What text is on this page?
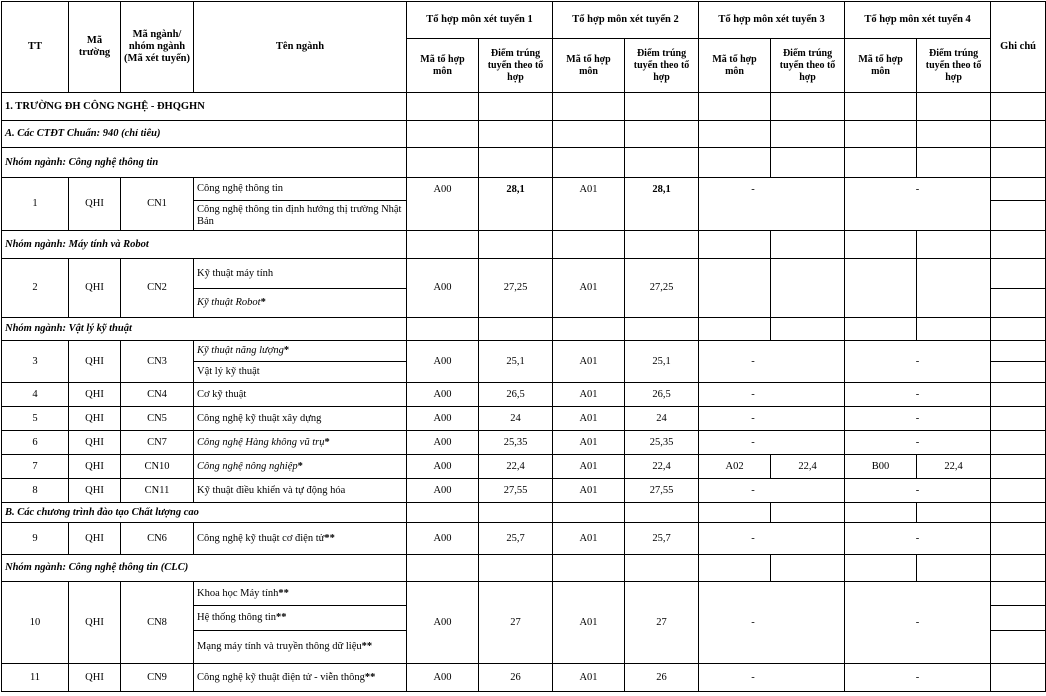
TT	Mã trường	Mã ngành/ nhóm ngành (Mã xét tuyển)	Tên ngành	Tổ hợp môn xét tuyển 1		Tổ hợp môn xét tuyển 2		Tổ hợp môn xét tuyển 3		Tổ hợp môn xét tuyển 4		Ghi chú
				Mã tổ hợp môn	Điểm trúng tuyển theo tổ hợp	Mã tổ hợp môn	Điểm trúng tuyển theo tổ hợp	Mã tổ hợp môn	Điểm trúng tuyển theo tổ hợp	Mã tổ hợp môn	Điểm trúng tuyển theo tổ hợp	
1. TRƯỜNG ĐH CÔNG NGHỆ - ĐHQGHN												
A. Các CTĐT Chuẩn: 940 (chỉ tiêu)												
Nhóm ngành: Công nghệ thông tin												
1	QHI	CN1	Công nghệ thông tin	A00	28,1	A01	28,1	-		-		
			Công nghệ thông tin định hướng thị trường Nhật Bản									
Nhóm ngành: Máy tính và Robot												
2	QHI	CN2	Kỹ thuật máy tính	A00	27,25	A01	27,25					
			Kỹ thuật Robot*									
Nhóm ngành: Vật lý kỹ thuật												
3	QHI	CN3	Kỹ thuật năng lượng*	A00	25,1	A01	25,1	-		-		
			Vật lý kỹ thuật									
4	QHI	CN4	Cơ kỹ thuật	A00	26,5	A01	26,5	-		-		
5	QHI	CN5	Công nghệ kỹ thuật xây dựng	A00	24	A01	24	-		-		
6	QHI	CN7	Công nghệ Hàng không vũ trụ*	A00	25,35	A01	25,35	-		-		
7	QHI	CN10	Công nghệ nông nghiệp*	A00	22,4	A01	22,4	A02	22,4	B00	22,4	
8	QHI	CN11	Kỹ thuật điều khiển và tự động hóa	A00	27,55	A01	27,55	-		-		
B. Các chương trình đào tạo Chất lượng cao												
9	QHI	CN6	Công nghệ kỹ thuật cơ điện tử**	A00	25,7	A01	25,7	-		-		
Nhóm ngành: Công nghệ thông tin (CLC)												
10	QHI	CN8	Khoa học Máy tính**	A00	27	A01	27	-		-		
			Hệ thống thông tin**									
			Mạng máy tính và truyền thông dữ liệu**									
11	QHI	CN9	Công nghệ kỹ thuật điện tử - viễn thông**	A00	26	A01	26	-		-		
